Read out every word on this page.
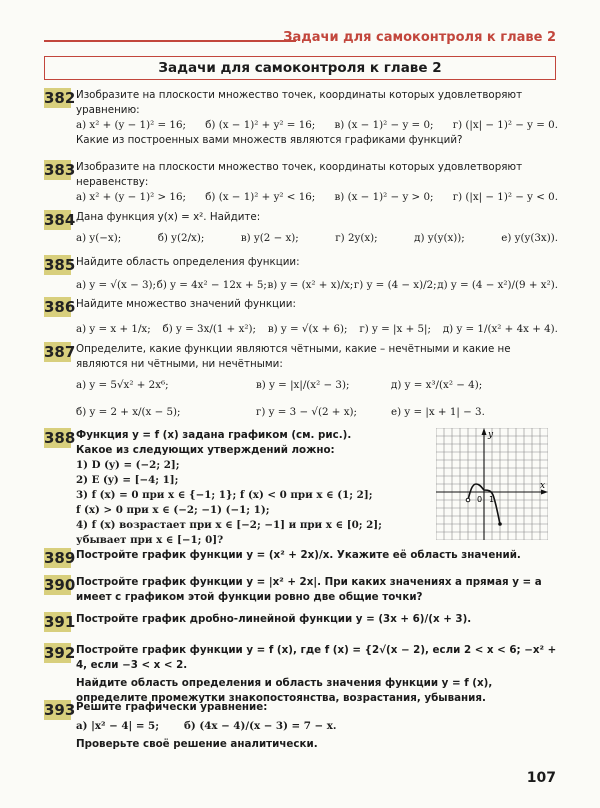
Задачи для самоконтроля к главе 2
Задачи для самоконтроля к главе 2
382 Изобразите на плоскости множество точек, координаты которых удовлетворяют уравнению:

а) x² + (y − 1)² = 16; б) (x − 1)² + y² = 16; в) (x − 1)² − y = 0; г) (|x| − 1)² − y = 0.

Какие из построенных вами множеств являются графиками функций?

383 Изобразите на плоскости множество точек, координаты которых удовлетворяют неравенству:

а) x² + (y − 1)² > 16; б) (x − 1)² + y² < 16; в) (x − 1)² − y > 0; г) (|x| − 1)² − y < 0.
384 Дана функция y(x) = x². Найдите:

а) y(−x);	б) y(2/x);	в) y(2 − x);	г) 2y(x);	д) y(y(x));	е) y(y(3x)).
385 Найдите область определения функции:

а) y = √(x − 3); б) y = 4x² − 12x + 5; в) y = (x² + x)/x; г) y = (4 − x)/2; д) y = (4 − x²)/(9 + x²).
386 Найдите множество значений функции:

а) y = x + 1/x; б) y = 3x/(1 + x²); в) y = √(x + 6); г) y = |x + 5|; д) y = 1/(x² + 4x + 4).
387 Определите, какие функции являются чётными, какие – нечётными и какие не являются ни чётными, ни нечётными:

а) y = 5√x² + 2x⁶;	в) y = |x|/(x² − 3);	д) y = x³/(x² − 4);
б) y = 2 + x/(x − 5);	г) y = 3 − √(2 + x);	е) y = |x + 1| − 3.
388 Функция y = f (x) задана графиком (см. рис.).

Какое из следующих утверждений ложно:

1) D (y) = (−2; 2];

2) E (y) = [−4; 1];

3) f (x) = 0 при x ∈ {−1; 1}; f (x) < 0 при x ∈ (1; 2];

f (x) > 0 при x ∈ (−2; −1) (−1; 1);

4) f (x) возрастает при x ∈ [−2; −1] и при x ∈ [0; 2];

убывает при x ∈ [−1; 0]?

y
x
0 1
389 Постройте график функции y = (x² + 2x)/x. Укажите её область значений.

390 Постройте график функции y = |x² + 2x|. При каких значениях a прямая y = a имеет с графиком этой функции ровно две общие точки?

391 Постройте график дробно-линейной функции y = (3x + 6)/(x + 3).

392 Постройте график функции y = f (x), где f (x) = {2√(x − 2), если 2 < x < 6; −x² + 4, если −3 < x < 2.

Найдите область определения и область значения функции y = f (x), определите промежутки знакопостоянства, возрастания, убывания.

393 Решите графически уравнение:

а) |x² − 4| = 5;	б) (4x − 4)/(x − 3) = 7 − x.

Проверьте своё решение аналитически.

107
